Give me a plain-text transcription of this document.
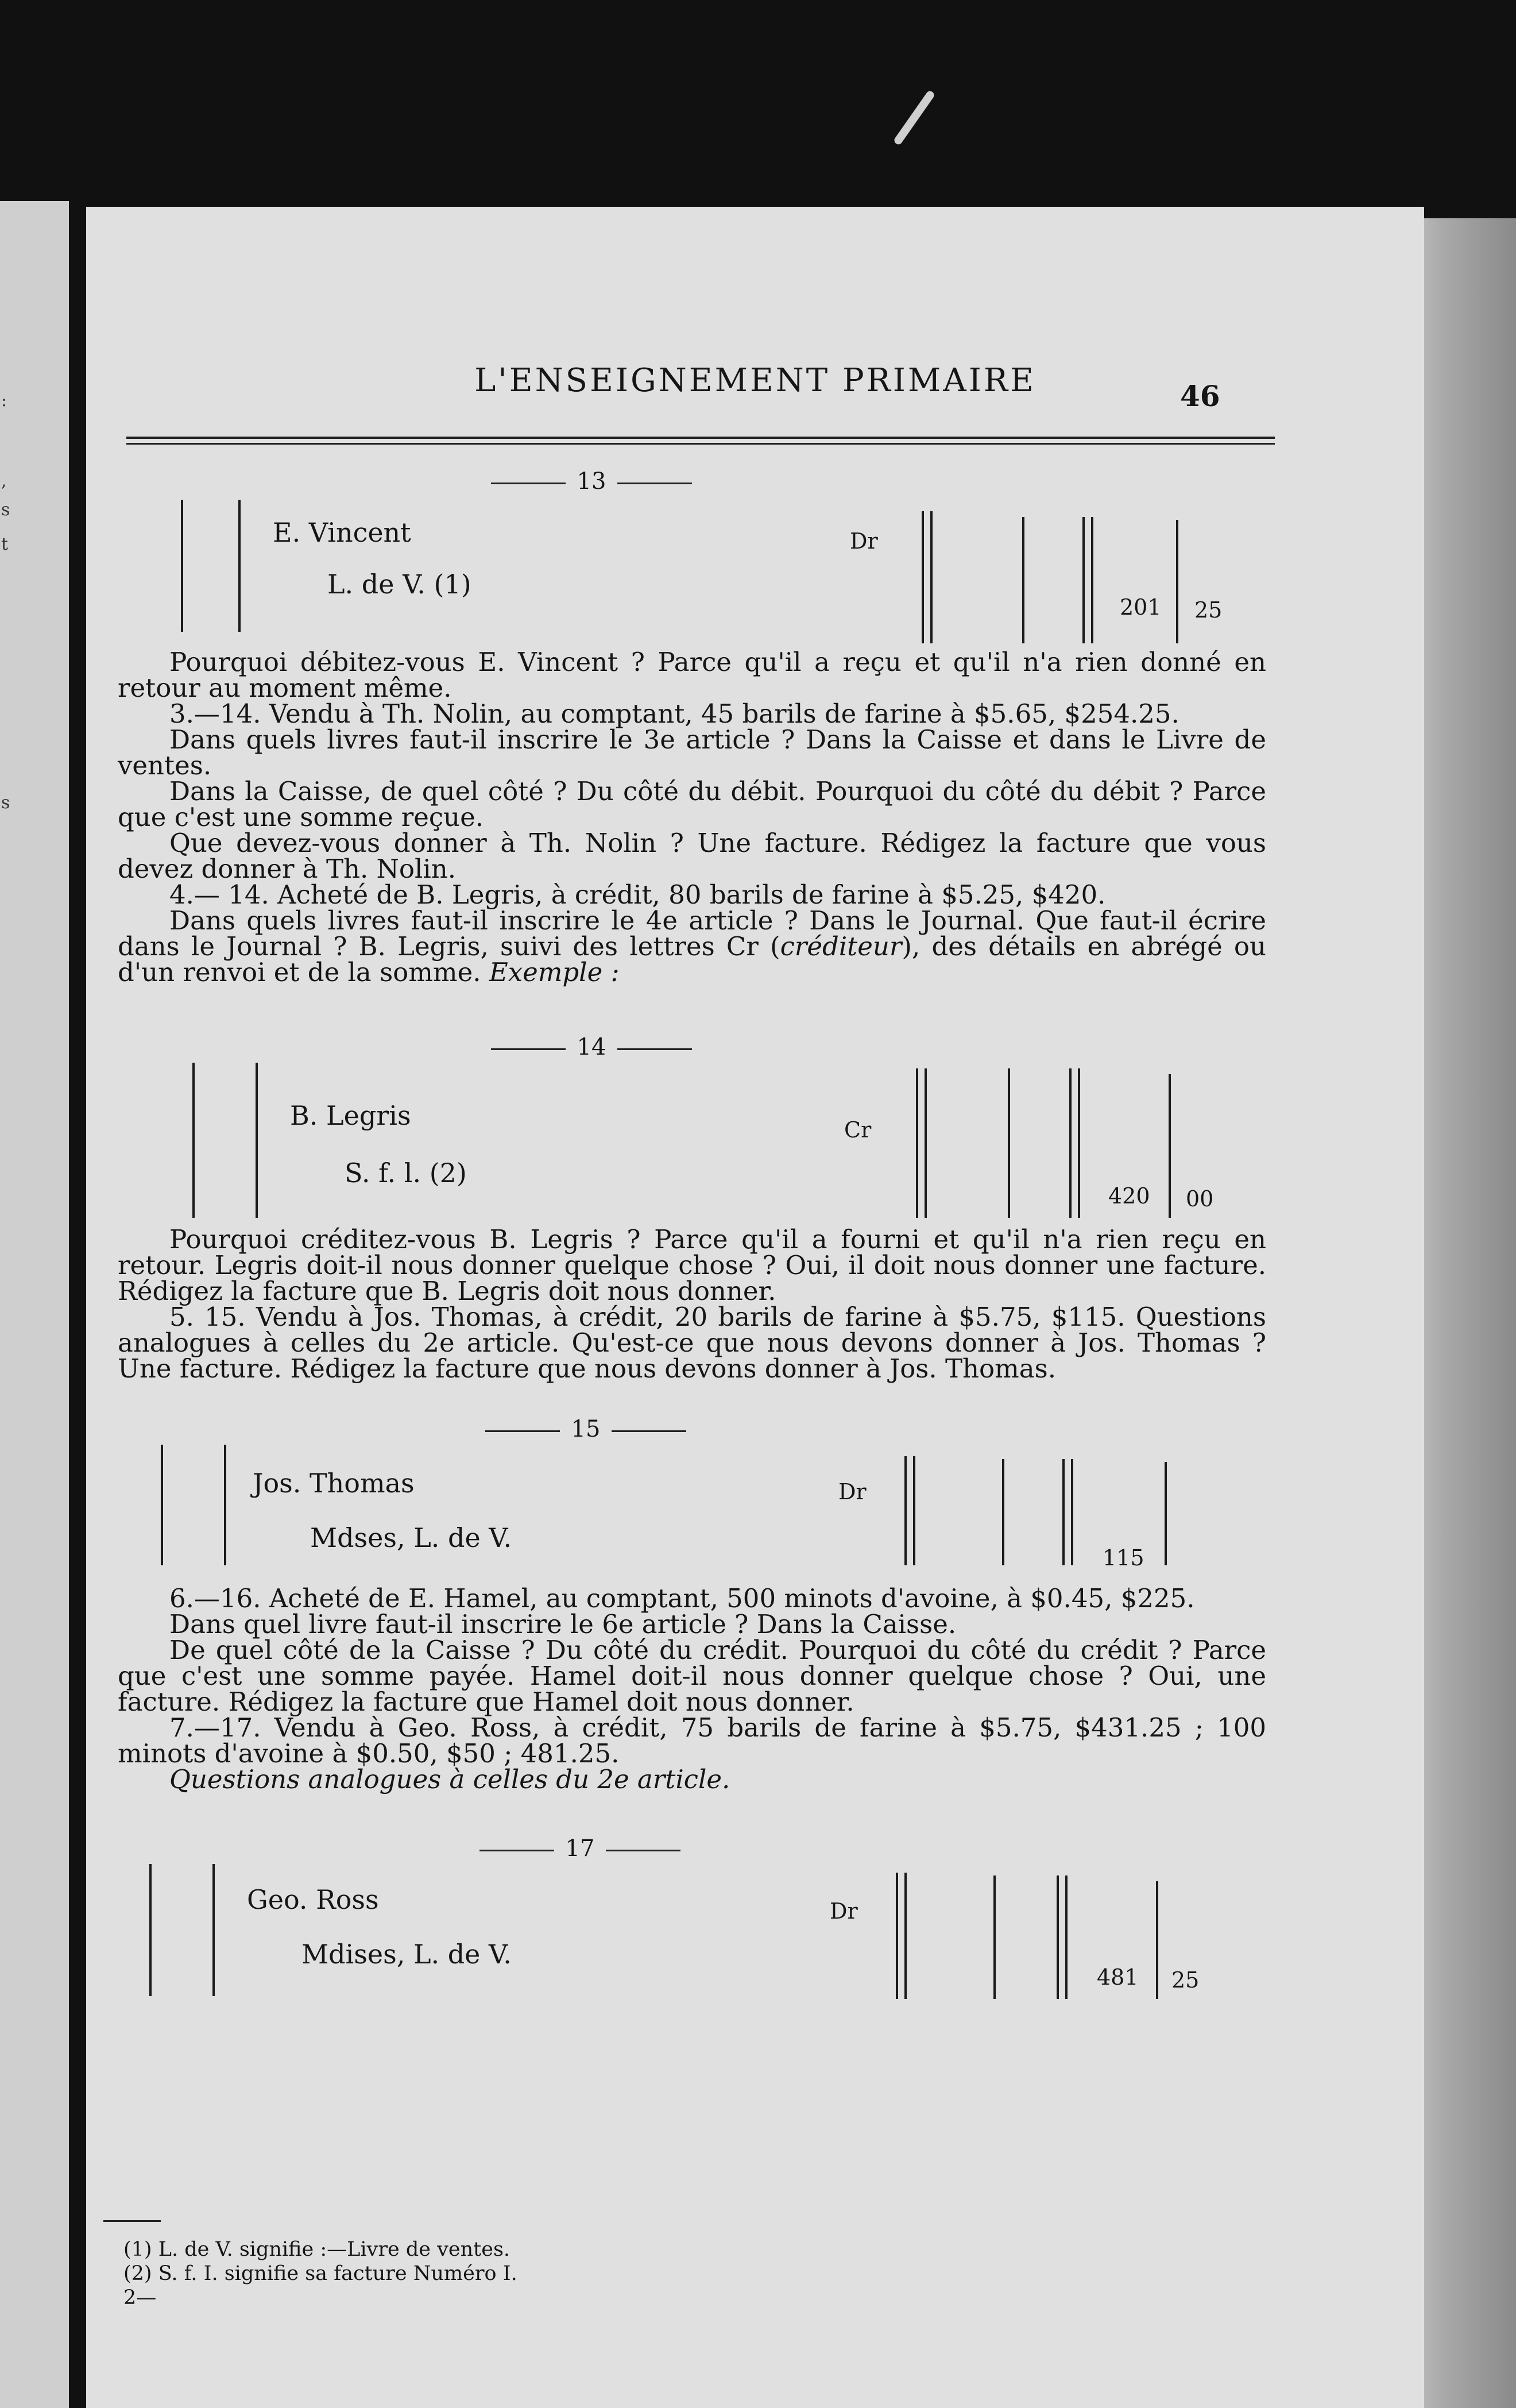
:
,
s
t
s
L'ENSEIGNEMENT PRIMAIRE	46
13
E. Vincent
L. de V. (1)
Dr
201 25

Pourquoi débitez-vous E. Vincent ? Parce qu'il a reçu et qu'il n'a rien donné en retour au moment même.

3.—14. Vendu à Th. Nolin, au comptant, 45 barils de farine à $5.65, $254.25.

Dans quels livres faut-il inscrire le 3e article ? Dans la Caisse et dans le Livre de ventes.

Dans la Caisse, de quel côté ? Du côté du débit. Pourquoi du côté du débit ? Parce que c'est une somme reçue.

Que devez-vous donner à Th. Nolin ? Une facture. Rédigez la facture que vous devez donner à Th. Nolin.

4.— 14. Acheté de B. Legris, à crédit, 80 barils de farine à $5.25, $420.

Dans quels livres faut-il inscrire le 4e article ? Dans le Journal. Que faut-il écrire dans le Journal ? B. Legris, suivi des lettres Cr (créditeur), des détails en abrégé ou d'un renvoi et de la somme. Exemple :

14
B. Legris
S. f. l. (2)
Cr
420 00

Pourquoi créditez-vous B. Legris ? Parce qu'il a fourni et qu'il n'a rien reçu en retour. Legris doit-il nous donner quelque chose ? Oui, il doit nous donner une facture. Rédigez la facture que B. Legris doit nous donner.

5. 15. Vendu à Jos. Thomas, à crédit, 20 barils de farine à $5.75, $115. Questions analogues à celles du 2e article. Qu'est-ce que nous devons donner à Jos. Thomas ? Une facture. Rédigez la facture que nous devons donner à Jos. Thomas.

15
Jos. Thomas
Mdses, L. de V.
Dr
115

6.—16. Acheté de E. Hamel, au comptant, 500 minots d'avoine, à $0.45, $225.

Dans quel livre faut-il inscrire le 6e article ? Dans la Caisse.

De quel côté de la Caisse ? Du côté du crédit. Pourquoi du côté du crédit ? Parce que c'est une somme payée. Hamel doit-il nous donner quelque chose ? Oui, une facture. Rédigez la facture que Hamel doit nous donner.

7.—17. Vendu à Geo. Ross, à crédit, 75 barils de farine à $5.75, $431.25 ; 100 minots d'avoine à $0.50, $50 ; 481.25.

Questions analogues à celles du 2e article.

17
Geo. Ross
Mdises, L. de V.
Dr
481 25
(1) L. de V. signifie :—Livre de ventes.
(2) S. f. I. signifie sa facture Numéro I.
2—
